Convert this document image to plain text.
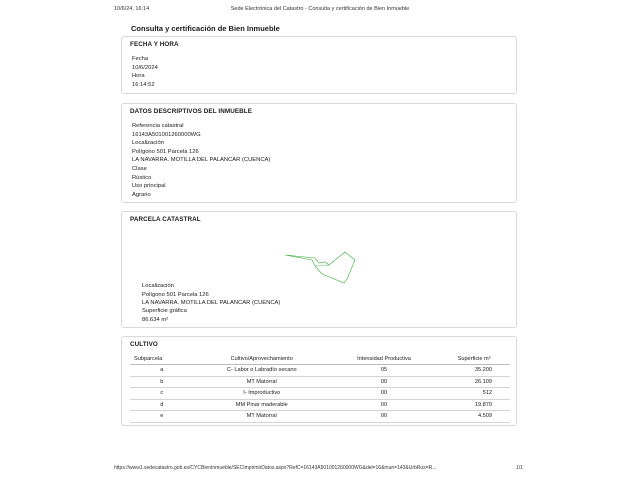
10/6/24, 16:14	Sede Electrónica del Catastro - Consulta y certificación de Bien Inmueble
Consulta y certificación de Bien Inmueble
FECHA Y HORA
Fecha
10/6/2024
Hora
16:14:52
DATOS DESCRIPTIVOS DEL INMUEBLE
Referencia catastral
16143A501001260000WG
Localización
Polígono 501 Parcela 126
LA NAVARRA. MOTILLA DEL PALANCAR (CUENCA)
Clase
Rústico
Uso principal
Agrario
PARCELA CATASTRAL
Localización
Polígono 501 Parcela 126
LA NAVARRA. MOTILLA DEL PALANCAR (CUENCA)
Superficie gráfica
86.634 m²
CULTIVO
Subparcela	Cultivo/Aprovechamiento	Intensidad Productiva	Superficie m²
a	C- Labor o Labradío secano	05	35.200
b	MT Matorral	00	26.109
c	I- Improductivo	00	512
d	MM Pinar maderable	00	19.870
e	MT Matorral	00	4.509
https://www1.sedecatastro.gob.es/CYCBienInmueble/SECImprimirDatos.aspx?RefC=16143A501001260000WG&del=16&mun=143&UrbRus=R...	1/1
